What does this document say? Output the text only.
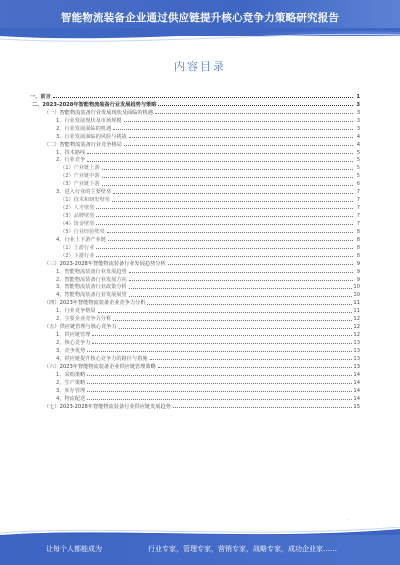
智能物流装备企业通过供应链提升核心竞争力策略研究报告
内容目录
一、前言	1
二、2023-2028年智能物流装备行业发展趋势与策略	3
（一）智能物流装备行业发展现状及面临的机遇	3
1、行业发展现状及市场规模	3
2、行业发展面临的机遇	3
3、行业发展面临的风险与挑战	4
（二）智能物流装备行业竞争格局	4
1、技术路线	5
2、行业竞争	5
（1）产业链上游	5
（2）产业链中游	5
（3）产业链下游	6
3、进入行业的主要壁垒	7
（1）技术和研发壁垒	7
（2）人才壁垒	7
（3）品牌壁垒	7
（4）资金壁垒	7
（5）行业经验壁垒	8
4、行业上下游产业链	8
（1）上游行业	8
（2）下游行业	8
（三）2023-2028年智能物流装备行业发展趋势分析	9
1、智能物流装备行业发展趋势	9
2、智能物流装备行业发展方向	9
3、智能物流装备行业政策分析	10
4、智能物流装备行业发展展望	10
（四）2023年智能物流装备企业竞争力分析	11
1、行业竞争格局	11
2、主要企业竞争力分析	12
（五）供应链管理与核心竞争力	12
1、供应链管理	12
2、核心竞争力	13
3、竞争优势	13
4、供应链提升核心竞争力的路径与措施	13
（六）2023年智能物流装备企业供应链管理策略	13
1、采购策略	14
2、生产策略	14
3、库存管理	14
4、物流配送	14
（七）2023-2028年智能物流装备行业供应链发展趋势	15
·
让每个人都能成为	行业专家，管理专家，营销专家，战略专家，成功企业家……
